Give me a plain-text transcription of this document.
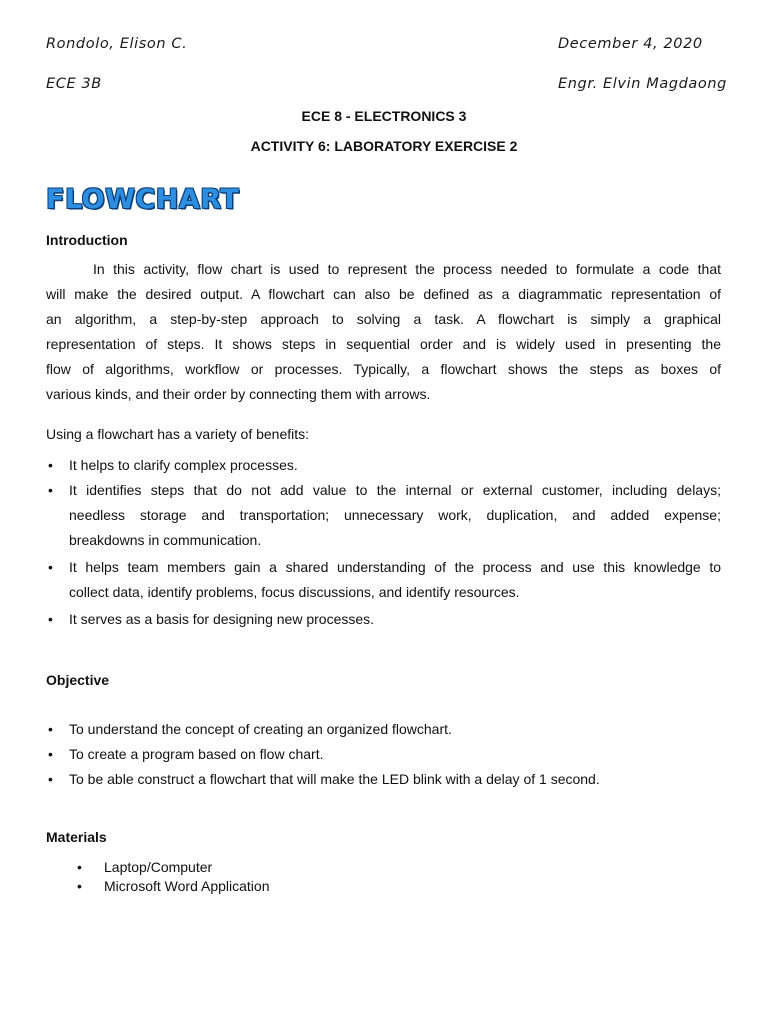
Rondolo, Elison C.	December 4, 2020
ECE 3B	Engr. Elvin Magdaong
ECE 8 - ELECTRONICS 3
ACTIVITY 6: LABORATORY EXERCISE 2
FLOWCHART
Introduction
In this activity, flow chart is used to represent the process needed to formulate a code that
will make the desired output. A flowchart can also be defined as a diagrammatic representation of
an algorithm, a step-by-step approach to solving a task. A flowchart is simply a graphical
representation of steps. It shows steps in sequential order and is widely used in presenting the
flow of algorithms, workflow or processes. Typically, a flowchart shows the steps as boxes of
various kinds, and their order by connecting them with arrows.
Using a flowchart has a variety of benefits:
• It helps to clarify complex processes.
• It identifies steps that do not add value to the internal or external customer, including delays;
needless storage and transportation; unnecessary work, duplication, and added expense;
breakdowns in communication.
• It helps team members gain a shared understanding of the process and use this knowledge to
collect data, identify problems, focus discussions, and identify resources.
• It serves as a basis for designing new processes.
Objective
• To understand the concept of creating an organized flowchart.
• To create a program based on flow chart.
• To be able construct a flowchart that will make the LED blink with a delay of 1 second.
Materials
• Laptop/Computer
• Microsoft Word Application
